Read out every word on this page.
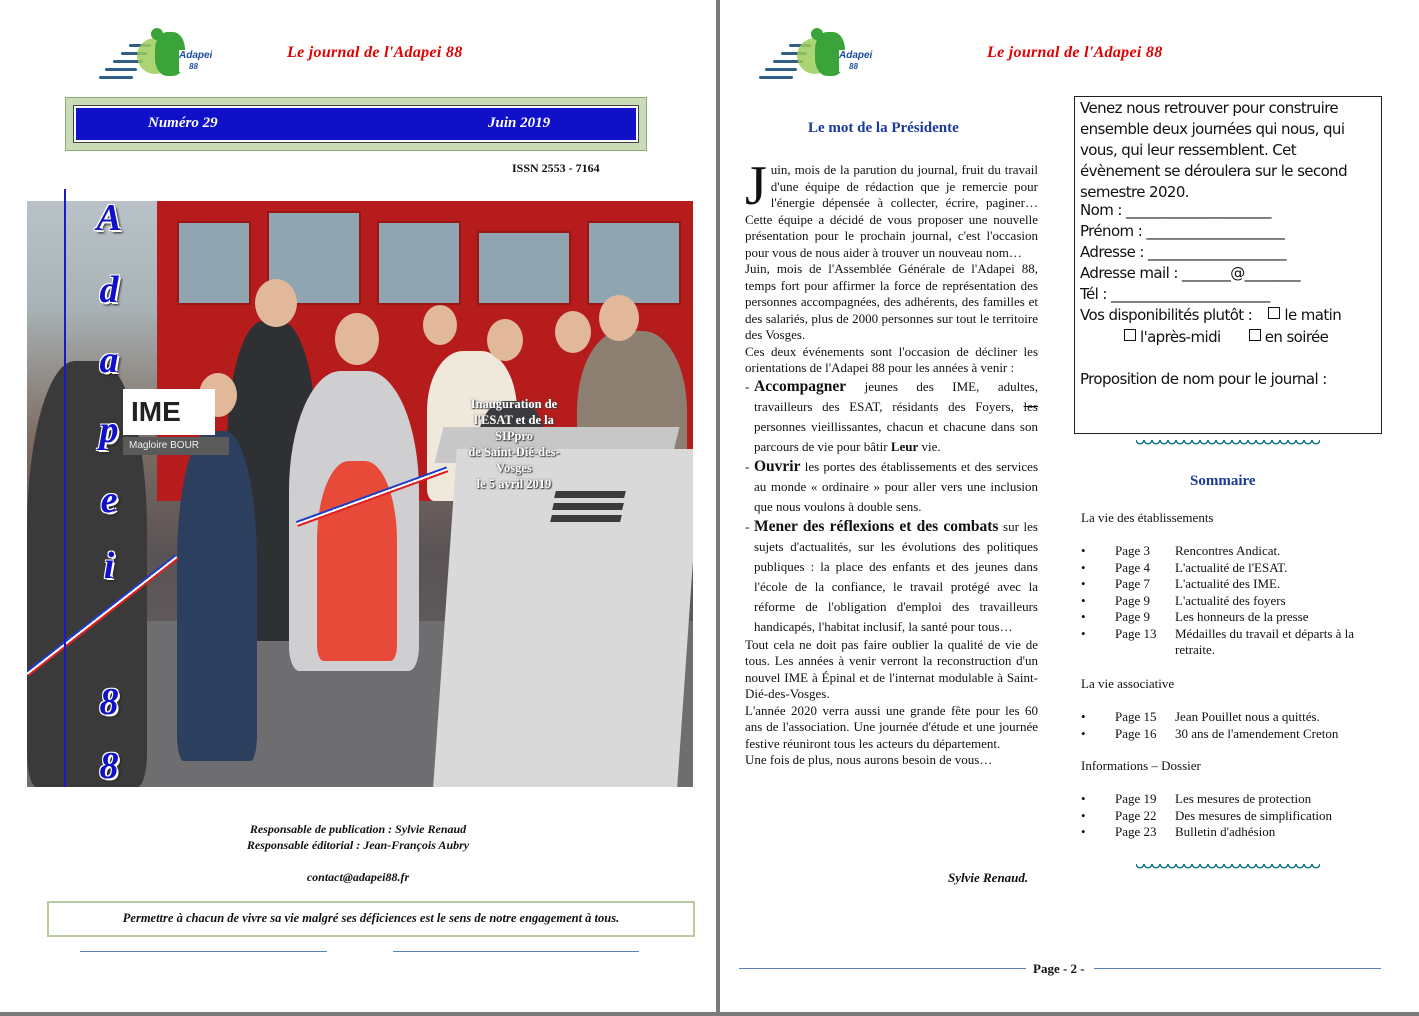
Adapei
88
Le journal de l'Adapei 88
Numéro 29	Juin 2019
ISSN 2553 - 7164
IME
Magloire BOUR
Inauguration de
l'ESAT et de la
SIPpro
de Saint-Dié-des-
Vosges
le 5 avril 2019
A
d
a
p
e
i
8
8
Responsable de publication : Sylvie Renaud
Responsable éditorial : Jean-François Aubry
contact@adapei88.fr
Permettre à chacun de vivre sa vie malgré ses déficiences est le sens de notre engagement à tous.
Adapei
88
Le journal de l'Adapei 88
Le mot de la Présidente

Juin, mois de la parution du journal, fruit du travail d'une équipe de rédaction que je remercie pour l'énergie dépensée à collecter, écrire, paginer… Cette équipe a décidé de vous proposer une nouvelle présentation pour le prochain journal, c'est l'occasion pour vous de nous aider à trouver un nouveau nom…

Juin, mois de l'Assemblée Générale de l'Adapei 88, temps fort pour affirmer la force de représentation des personnes accompagnées, des adhérents, des familles et des salariés, plus de 2000 personnes sur tout le territoire des Vosges.

Ces deux événements sont l'occasion de décliner les orientations de l'Adapei 88 pour les années à venir :

- Accompagner jeunes des IME, adultes, travailleurs des ESAT, résidants des Foyers, les personnes vieillissantes, chacun et chacune dans son parcours de vie pour bâtir Leur vie.
- Ouvrir les portes des établissements et des services au monde « ordinaire » pour aller vers une inclusion que nous voulons à double sens.
- Mener des réflexions et des combats sur les sujets d'actualités, sur les évolutions des politiques publiques : la place des enfants et des jeunes dans l'école de la confiance, le travail protégé avec la réforme de l'obligation d'emploi des travailleurs handicapés, l'habitat inclusif, la santé pour tous…

Tout cela ne doit pas faire oublier la qualité de vie de tous. Les années à venir verront la reconstruction d'un nouvel IME à Épinal et de l'internat modulable à Saint-Dié-des-Vosges.

L'année 2020 verra aussi une grande fête pour les 60 ans de l'association. Une journée d'étude et une journée festive réuniront tous les acteurs du département.

Une fois de plus, nous aurons besoin de vous…

Sylvie Renaud.
Venez nous retrouver pour construire ensemble deux journées qui nous, qui vous, qui leur ressemblent. Cet évènement se déroulera sur le second semestre 2020.
Nom : _____________________
Prénom : ____________________
Adresse : ____________________
Adresse mail : _______@________
Tél : _______________________
Vos disponibilités plutôt : le matin
l'après-midi	en soirée
Proposition de nom pour le journal :
Sommaire
La vie des établissements
• Page 3 Rencontres Andicat.
• Page 4 L'actualité de l'ESAT.
• Page 7 L'actualité des IME.
• Page 9 L'actualité des foyers
• Page 9 Les honneurs de la presse
• Page 13 Médailles du travail et départs à la retraite.
La vie associative
• Page 15 Jean Pouillet nous a quittés.
• Page 16 30 ans de l'amendement Creton
Informations – Dossier
• Page 19 Les mesures de protection
• Page 22 Des mesures de simplification
• Page 23 Bulletin d'adhésion
Page - 2 -
